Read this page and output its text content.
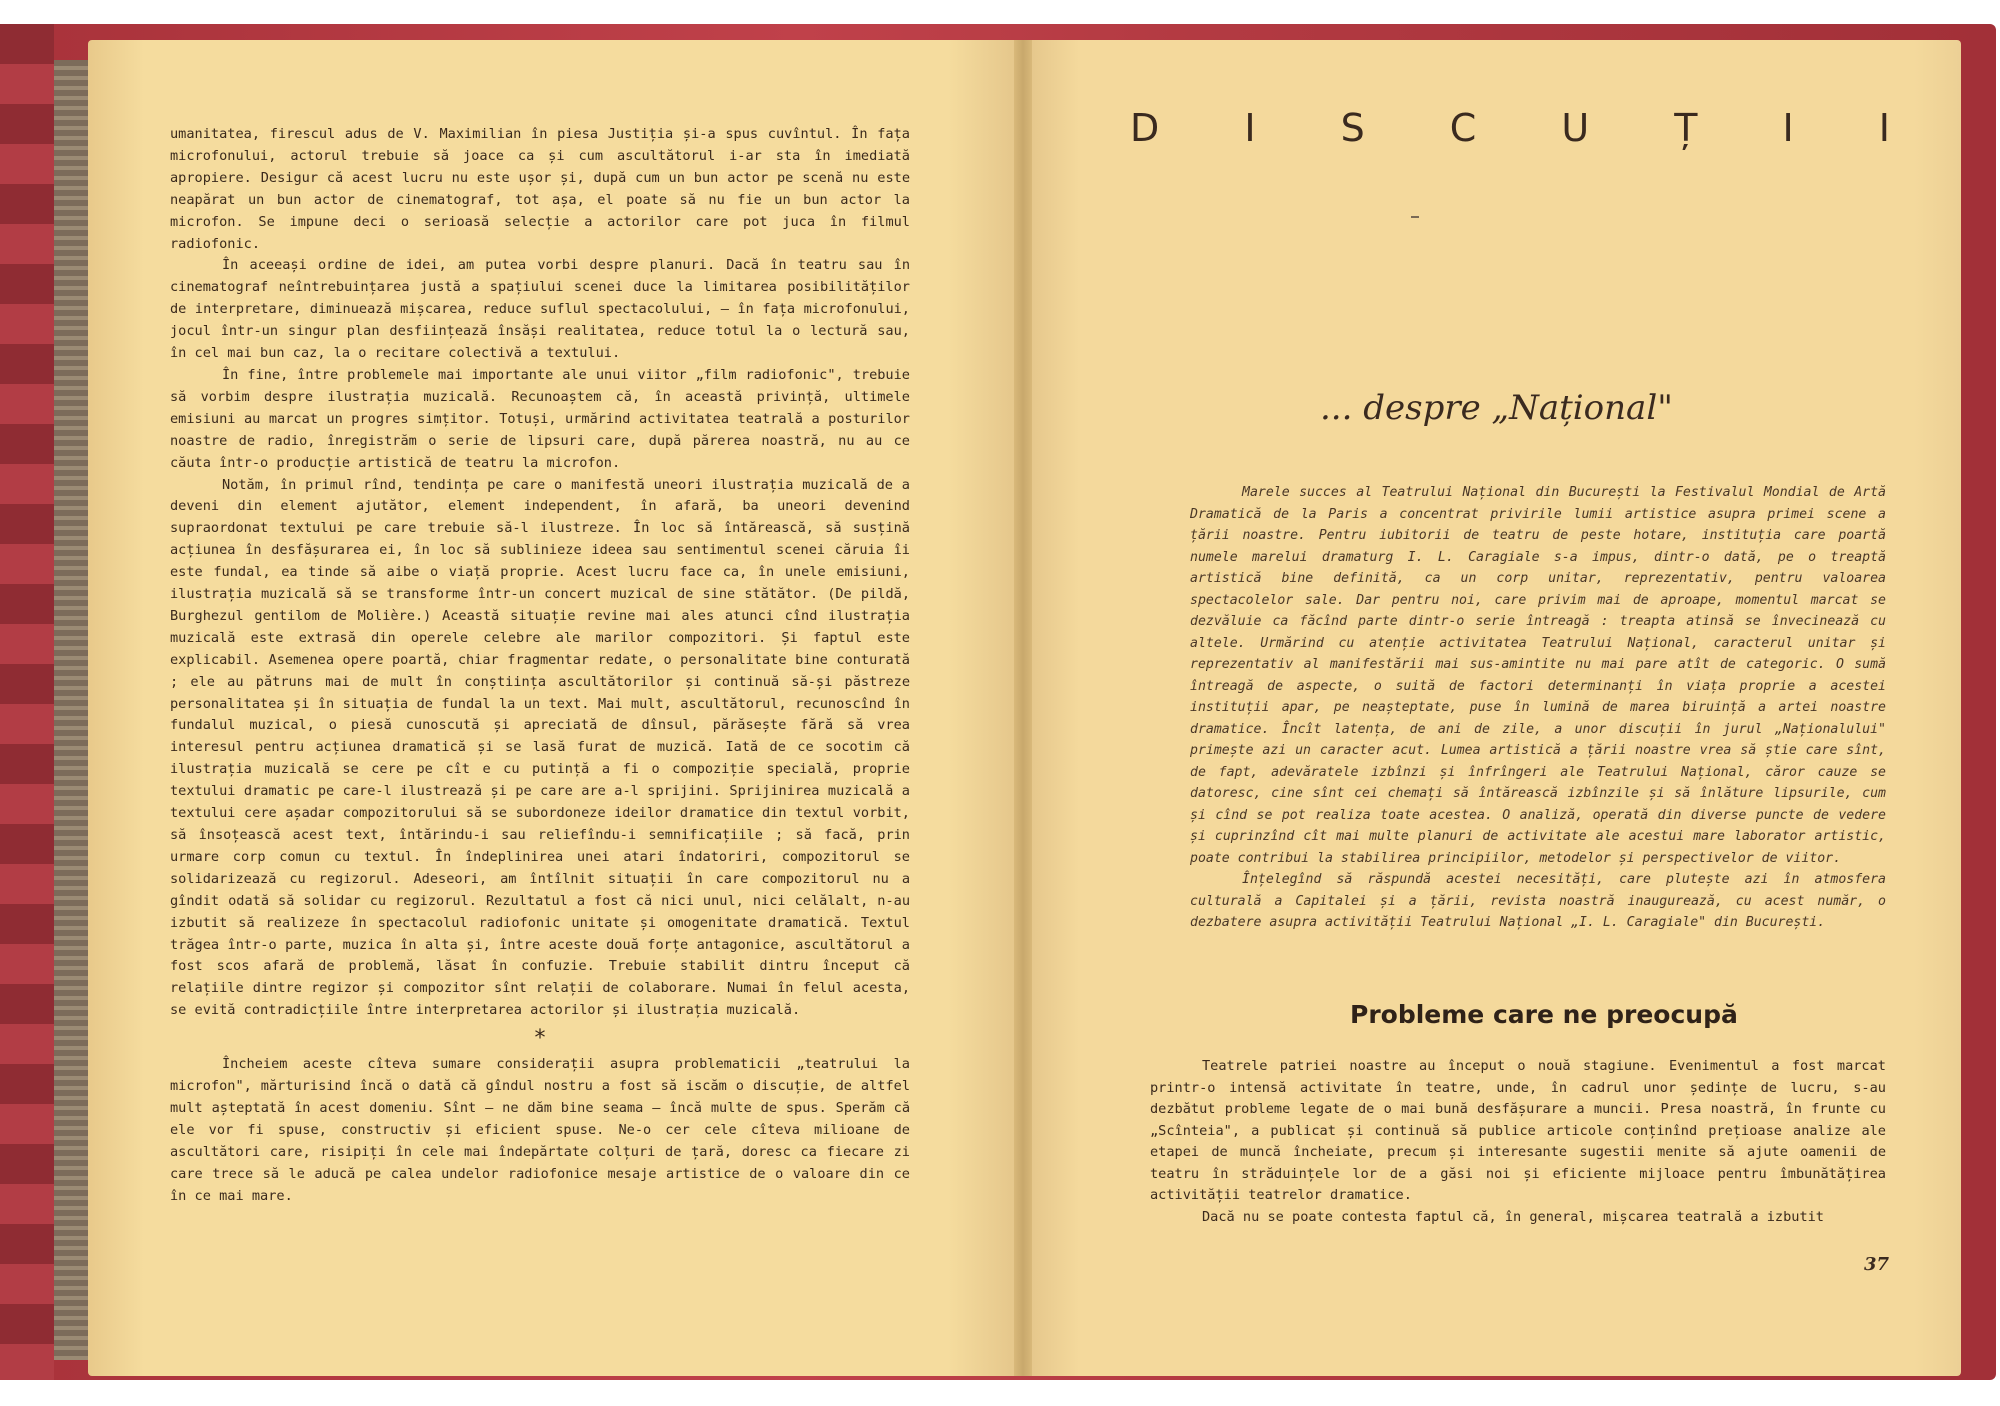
umanitatea, firescul adus de V. Maximilian în piesa Justiția și-a spus cuvîntul. În fața microfonului, actorul trebuie să joace ca și cum ascultătorul i-ar sta în imediată apropiere. Desigur că acest lucru nu este ușor și, după cum un bun actor pe scenă nu este neapărat un bun actor de cinematograf, tot așa, el poate să nu fie un bun actor la microfon. Se impune deci o serioasă selecție a actorilor care pot juca în filmul radiofonic.

În aceeași ordine de idei, am putea vorbi despre planuri. Dacă în teatru sau în cinematograf neîntrebuințarea justă a spațiului scenei duce la limitarea posibilităților de interpretare, diminuează mișcarea, reduce suflul spectacolului, — în fața microfonului, jocul într-un singur plan desființează însăși realitatea, reduce totul la o lectură sau, în cel mai bun caz, la o recitare colectivă a textului.

În fine, între problemele mai importante ale unui viitor „film radiofonic", trebuie să vorbim despre ilustrația muzicală. Recunoaștem că, în această privință, ultimele emisiuni au marcat un progres simțitor. Totuși, urmărind activitatea teatrală a posturilor noastre de radio, înregistrăm o serie de lipsuri care, după părerea noastră, nu au ce căuta într-o producție artistică de teatru la microfon.

Notăm, în primul rînd, tendința pe care o manifestă uneori ilustrația muzicală de a deveni din element ajutător, element independent, în afară, ba uneori devenind supraordonat textului pe care trebuie să-l ilustreze. În loc să întărească, să susțină acțiunea în desfășurarea ei, în loc să sublinieze ideea sau sentimentul scenei căruia îi este fundal, ea tinde să aibe o viață proprie. Acest lucru face ca, în unele emisiuni, ilustrația muzicală să se transforme într-un concert muzical de sine stătător. (De pildă, Burghezul gentilom de Molière.) Această situație revine mai ales atunci cînd ilustrația muzicală este extrasă din operele celebre ale marilor compozitori. Și faptul este explicabil. Asemenea opere poartă, chiar fragmentar redate, o personalitate bine conturată ; ele au pătruns mai de mult în conștiința ascultătorilor și continuă să-și păstreze personalitatea și în situația de fundal la un text. Mai mult, ascultătorul, recunoscînd în fundalul muzical, o piesă cunoscută și apreciată de dînsul, părăsește fără să vrea interesul pentru acțiunea dramatică și se lasă furat de muzică. Iată de ce socotim că ilustrația muzicală se cere pe cît e cu putință a fi o compoziție specială, proprie textului dramatic pe care-l ilustrează și pe care are a-l sprijini. Sprijinirea muzicală a textului cere așadar compozitorului să se subordoneze ideilor dramatice din textul vorbit, să însoțească acest text, întărindu-i sau reliefîndu-i semnificațiile ; să facă, prin urmare corp comun cu textul. În îndeplinirea unei atari îndatoriri, compozitorul se solidarizează cu regizorul. Adeseori, am întîlnit situații în care compozitorul nu a gîndit odată să solidar cu regizorul. Rezultatul a fost că nici unul, nici celălalt, n-au izbutit să realizeze în spectacolul radiofonic unitate și omogenitate dramatică. Textul trăgea într-o parte, muzica în alta și, între aceste două forțe antagonice, ascultătorul a fost scos afară de problemă, lăsat în confuzie. Trebuie stabilit dintru început că relațiile dintre regizor și compozitor sînt relații de colaborare. Numai în felul acesta, se evită contradicțiile între interpretarea actorilor și ilustrația muzicală.

*

Încheiem aceste cîteva sumare considerații asupra problematicii „teatrului la microfon", mărturisind încă o dată că gîndul nostru a fost să iscăm o discuție, de altfel mult așteptată în acest domeniu. Sînt — ne dăm bine seama — încă multe de spus. Sperăm că ele vor fi spuse, constructiv și eficient spuse. Ne-o cer cele cîteva milioane de ascultători care, risipiți în cele mai îndepărtate colțuri de țară, doresc ca fiecare zi care trece să le aducă pe calea undelor radiofonice mesaje artistice de o valoare din ce în ce mai mare.

D I S C U Ț I I
... despre „Național"

Marele succes al Teatrului Național din București la Festivalul Mondial de Artă Dramatică de la Paris a concentrat privirile lumii artistice asupra primei scene a țării noastre. Pentru iubitorii de teatru de peste hotare, instituția care poartă numele marelui dramaturg I. L. Caragiale s-a impus, dintr-o dată, pe o treaptă artistică bine definită, ca un corp unitar, reprezentativ, pentru valoarea spectacolelor sale. Dar pentru noi, care privim mai de aproape, momentul marcat se dezvăluie ca făcînd parte dintr-o serie întreagă : treapta atinsă se învecinează cu altele. Urmărind cu atenție activitatea Teatrului Național, caracterul unitar și reprezentativ al manifestării mai sus-amintite nu mai pare atît de categoric. O sumă întreagă de aspecte, o suită de factori determinanți în viața proprie a acestei instituții apar, pe neașteptate, puse în lumină de marea biruință a artei noastre dramatice. Încît latența, de ani de zile, a unor discuții în jurul „Naționalului" primește azi un caracter acut. Lumea artistică a țării noastre vrea să știe care sînt, de fapt, adevăratele izbînzi și înfrîngeri ale Teatrului Național, căror cauze se datoresc, cine sînt cei chemați să întărească izbînzile și să înlăture lipsurile, cum și cînd se pot realiza toate acestea. O analiză, operată din diverse puncte de vedere și cuprinzînd cît mai multe planuri de activitate ale acestui mare laborator artistic, poate contribui la stabilirea principiilor, metodelor și perspectivelor de viitor.

Înțelegînd să răspundă acestei necesități, care plutește azi în atmosfera culturală a Capitalei și a țării, revista noastră inaugurează, cu acest număr, o dezbatere asupra activității Teatrului Național „I. L. Caragiale" din București.

Probleme care ne preocupă

Teatrele patriei noastre au început o nouă stagiune. Evenimentul a fost marcat printr-o intensă activitate în teatre, unde, în cadrul unor ședințe de lucru, s-au dezbătut probleme legate de o mai bună desfășurare a muncii. Presa noastră, în frunte cu „Scînteia", a publicat și continuă să publice articole conținînd prețioase analize ale etapei de muncă încheiate, precum și interesante sugestii menite să ajute oamenii de teatru în străduințele lor de a găsi noi și eficiente mijloace pentru îmbunătățirea activității teatrelor dramatice.

Dacă nu se poate contesta faptul că, în general, mișcarea teatrală a izbutit

37
